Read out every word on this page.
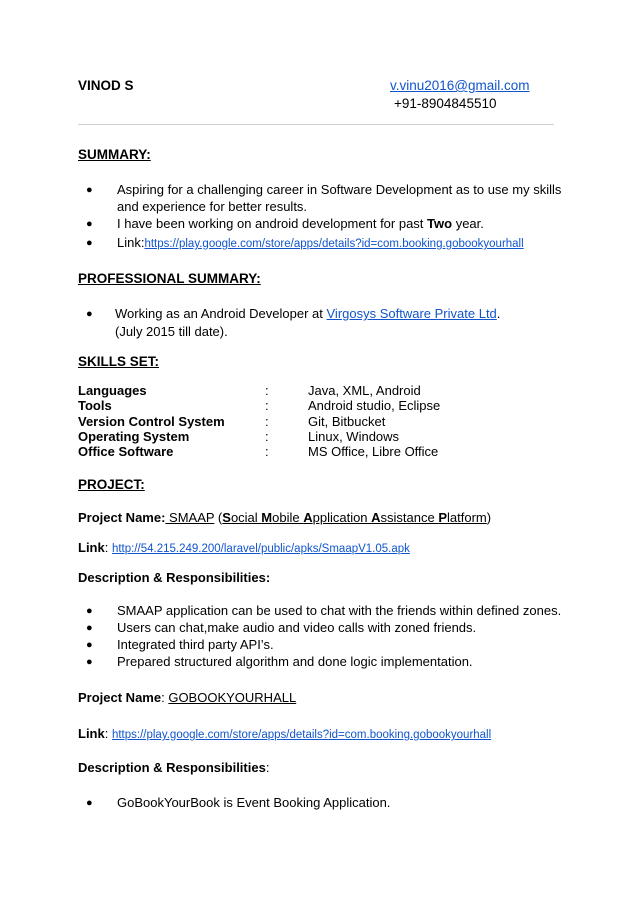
VINOD S	v.vinu2016@gmail.com
+91-8904845510
SUMMARY:
● Aspiring for a challenging career in Software Development as to use my skills
and experience for better results.
● I have been working on android development for past Two year.
● Link:https://play.google.com/store/apps/details?id=com.booking.gobookyourhall
PROFESSIONAL SUMMARY:
● Working as an Android Developer at Virgosys Software Private Ltd.
(July 2015 till date).
SKILLS SET:
Languages	:	Java, XML, Android
Tools	:	Android studio, Eclipse
Version Control System	:	Git, Bitbucket
Operating System	:	Linux, Windows
Office Software	:	MS Office, Libre Office
PROJECT:
Project Name: SMAAP (Social Mobile Application Assistance Platform)
Link: http://54.215.249.200/laravel/public/apks/SmaapV1.05.apk
Description & Responsibilities:
● SMAAP application can be used to chat with the friends within defined zones.
● Users can chat,make audio and video calls with zoned friends.
● Integrated third party API’s.
● Prepared structured algorithm and done logic implementation.
Project Name: GOBOOKYOURHALL
Link: https://play.google.com/store/apps/details?id=com.booking.gobookyourhall
Description & Responsibilities:
● GoBookYourBook is Event Booking Application.
